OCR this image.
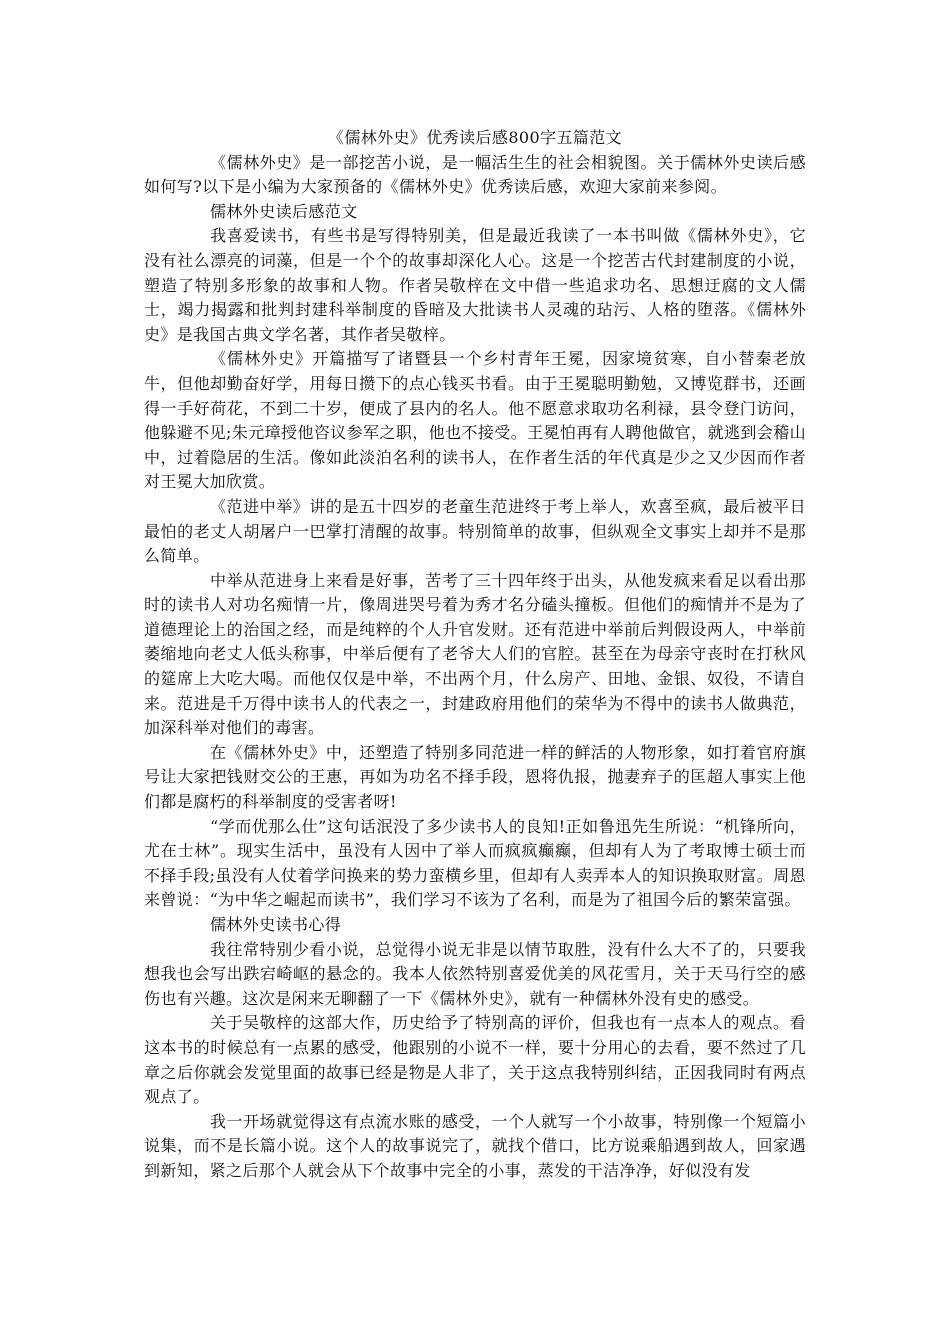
《儒林外史》优秀读后感800字五篇范文

《儒林外史》是一部挖苦小说，是一幅活生生的社会相貌图。关于儒林外史读后感如何写?以下是小编为大家预备的《儒林外史》优秀读后感，欢迎大家前来参阅。

儒林外史读后感范文

我喜爱读书，有些书是写得特别美，但是最近我读了一本书叫做《儒林外史》，它没有社么漂亮的词藻，但是一个个的故事却深化人心。这是一个挖苦古代封建制度的小说，塑造了特别多形象的故事和人物。作者吴敬梓在文中借一些追求功名、思想迂腐的文人儒士，竭力揭露和批判封建科举制度的昏暗及大批读书人灵魂的玷污、人格的堕落。《儒林外史》是我国古典文学名著，其作者吴敬梓。

《儒林外史》开篇描写了诸暨县一个乡村青年王冕，因家境贫寒，自小替秦老放牛，但他却勤奋好学，用每日攒下的点心钱买书看。由于王冕聪明勤勉，又博览群书，还画得一手好荷花，不到二十岁，便成了县内的名人。他不愿意求取功名利禄，县令登门访问，他躲避不见;朱元璋授他咨议参军之职，他也不接受。王冕怕再有人聘他做官，就逃到会稽山中，过着隐居的生活。像如此淡泊名利的读书人，在作者生活的年代真是少之又少因而作者对王冕大加欣赏。

《范进中举》讲的是五十四岁的老童生范进终于考上举人，欢喜至疯，最后被平日最怕的老丈人胡屠户一巴掌打清醒的故事。特别简单的故事，但纵观全文事实上却并不是那么简单。

中举从范进身上来看是好事，苦考了三十四年终于出头，从他发疯来看足以看出那时的读书人对功名痴情一片，像周进哭号着为秀才名分磕头撞板。但他们的痴情并不是为了道德理论上的治国之经，而是纯粹的个人升官发财。还有范进中举前后判假设两人，中举前萎缩地向老丈人低头称事，中举后便有了老爷大人们的官腔。甚至在为母亲守丧时在打秋风的筵席上大吃大喝。而他仅仅是中举，不出两个月，什么房产、田地、金银、奴役，不请自来。范进是千万得中读书人的代表之一，封建政府用他们的荣华为不得中的读书人做典范，加深科举对他们的毒害。

在《儒林外史》中，还塑造了特别多同范进一样的鲜活的人物形象，如打着官府旗号让大家把钱财交公的王惠，再如为功名不择手段，恩将仇报，抛妻弃子的匡超人事实上他们都是腐朽的科举制度的受害者呀!

“学而优那么仕”这句话泯没了多少读书人的良知!正如鲁迅先生所说：“机锋所向，尤在士林”。现实生活中，虽没有人因中了举人而疯疯癫癫，但却有人为了考取博士硕士而不择手段;虽没有人仗着学问换来的势力蛮横乡里，但却有人卖弄本人的知识换取财富。周恩来曾说：“为中华之崛起而读书”，我们学习不该为了名利，而是为了祖国今后的繁荣富强。

儒林外史读书心得

我往常特别少看小说，总觉得小说无非是以情节取胜，没有什么大不了的，只要我想我也会写出跌宕崎岖的悬念的。我本人依然特别喜爱优美的风花雪月，关于天马行空的感伤也有兴趣。这次是闲来无聊翻了一下《儒林外史》，就有一种儒林外没有史的感受。

关于吴敬梓的这部大作，历史给予了特别高的评价，但我也有一点本人的观点。看这本书的时候总有一点累的感受，他跟别的小说不一样，要十分用心的去看，要不然过了几章之后你就会发觉里面的故事已经是物是人非了，关于这点我特别纠结，正因我同时有两点观点了。

我一开场就觉得这有点流水账的感受，一个人就写一个小故事，特别像一个短篇小说集，而不是长篇小说。这个人的故事说完了，就找个借口，比方说乘船遇到故人，回家遇到新知，紧之后那个人就会从下个故事中完全的小事，蒸发的干洁净净，好似没有发
